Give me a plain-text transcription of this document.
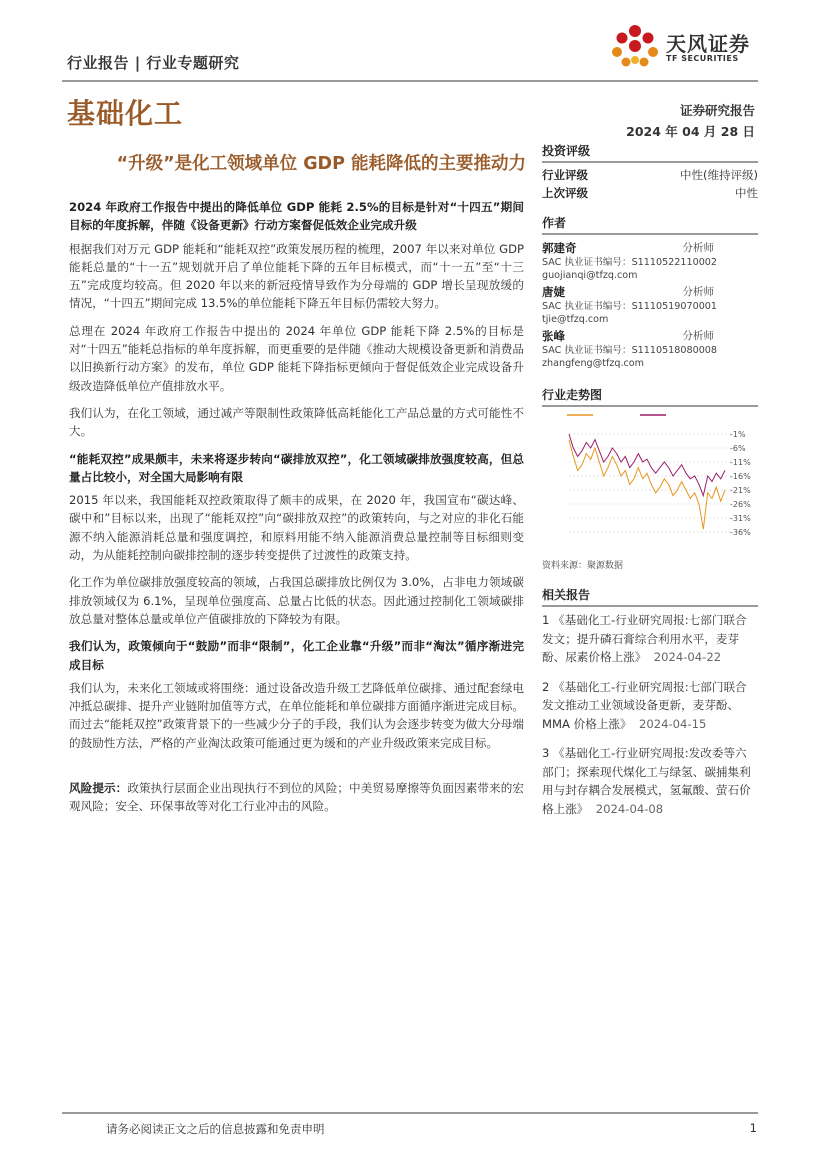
行业报告 | 行业专题研究
天风证券
TF SECURITIES
基础化工	证券研究报告
2024 年 04 月 28 日
“升级”是化工领域单位 GDP 能耗降低的主要推动力

2024 年政府工作报告中提出的降低单位 GDP 能耗 2.5%的目标是针对“十四五”期间目标的年度拆解，伴随《设备更新》行动方案督促低效企业完成升级

根据我们对万元 GDP 能耗和“能耗双控”政策发展历程的梳理，2007 年以来对单位 GDP 能耗总量的“十一五”规划就开启了单位能耗下降的五年目标模式，而“十一五”至“十三五”完成度均较高。但 2020 年以来的新冠疫情导致作为分母端的 GDP 增长呈现放缓的情况，“十四五”期间完成 13.5%的单位能耗下降五年目标仍需较大努力。

总理在 2024 年政府工作报告中提出的 2024 年单位 GDP 能耗下降 2.5%的目标是对“十四五”能耗总指标的单年度拆解，而更重要的是伴随《推动大规模设备更新和消费品以旧换新行动方案》的发布，单位 GDP 能耗下降指标更倾向于督促低效企业完成设备升级改造降低单位产值排放水平。

我们认为，在化工领域，通过减产等限制性政策降低高耗能化工产品总量的方式可能性不大。

“能耗双控”成果颇丰，未来将逐步转向“碳排放双控”，化工领域碳排放强度较高，但总量占比较小，对全国大局影响有限

2015 年以来，我国能耗双控政策取得了颇丰的成果，在 2020 年，我国宣布“碳达峰、碳中和”目标以来，出现了“能耗双控”向“碳排放双控”的政策转向，与之对应的非化石能源不纳入能源消耗总量和强度调控，和原料用能不纳入能源消费总量控制等目标细则变动，为从能耗控制向碳排控制的逐步转变提供了过渡性的政策支持。

化工作为单位碳排放强度较高的领域，占我国总碳排放比例仅为 3.0%，占非电力领域碳排放领域仅为 6.1%，呈现单位强度高、总量占比低的状态。因此通过控制化工领域碳排放总量对整体总量或单位产值碳排放的下降较为有限。

我们认为，政策倾向于“鼓励”而非“限制”，化工企业靠“升级”而非“淘汰”循序渐进完成目标

我们认为，未来化工领域或将围绕：通过设备改造升级工艺降低单位碳排、通过配套绿电冲抵总碳排、提升产业链附加值等方式，在单位能耗和单位碳排方面循序渐进完成目标。而过去“能耗双控”政策背景下的一些减少分子的手段，我们认为会逐步转变为做大分母端的鼓励性方法，严格的产业淘汰政策可能通过更为缓和的产业升级政策来完成目标。

风险提示：政策执行层面企业出现执行不到位的风险；中美贸易摩擦等负面因素带来的宏观风险；安全、环保事故等对化工行业冲击的风险。

投资评级
行业评级	中性(维持评级)
上次评级	中性
作者
郭建奇	分析师
SAC 执业证书编号：S1110522110002
guojianqi@tfzq.com
唐婕	分析师
SAC 执业证书编号：S1110519070001
tjie@tfzq.com
张峰	分析师
SAC 执业证书编号：S1110518080008
zhangfeng@tfzq.com
行业走势图
-1%
-6%
-11%
-16%
-21%
-26%
-31%
-36%
资料来源：聚源数据
相关报告
1 《基础化工-行业研究周报:七部门联合发文；提升磷石膏综合利用水平，麦芽酚、尿素价格上涨》 2024-04-22
2 《基础化工-行业研究周报:七部门联合发文推动工业领域设备更新，麦芽酚、MMA 价格上涨》 2024-04-15
3 《基础化工-行业研究周报:发改委等六部门；探索现代煤化工与绿氢、碳捕集利用与封存耦合发展模式，氢氟酸、萤石价格上涨》 2024-04-08
请务必阅读正文之后的信息披露和免责申明	1
